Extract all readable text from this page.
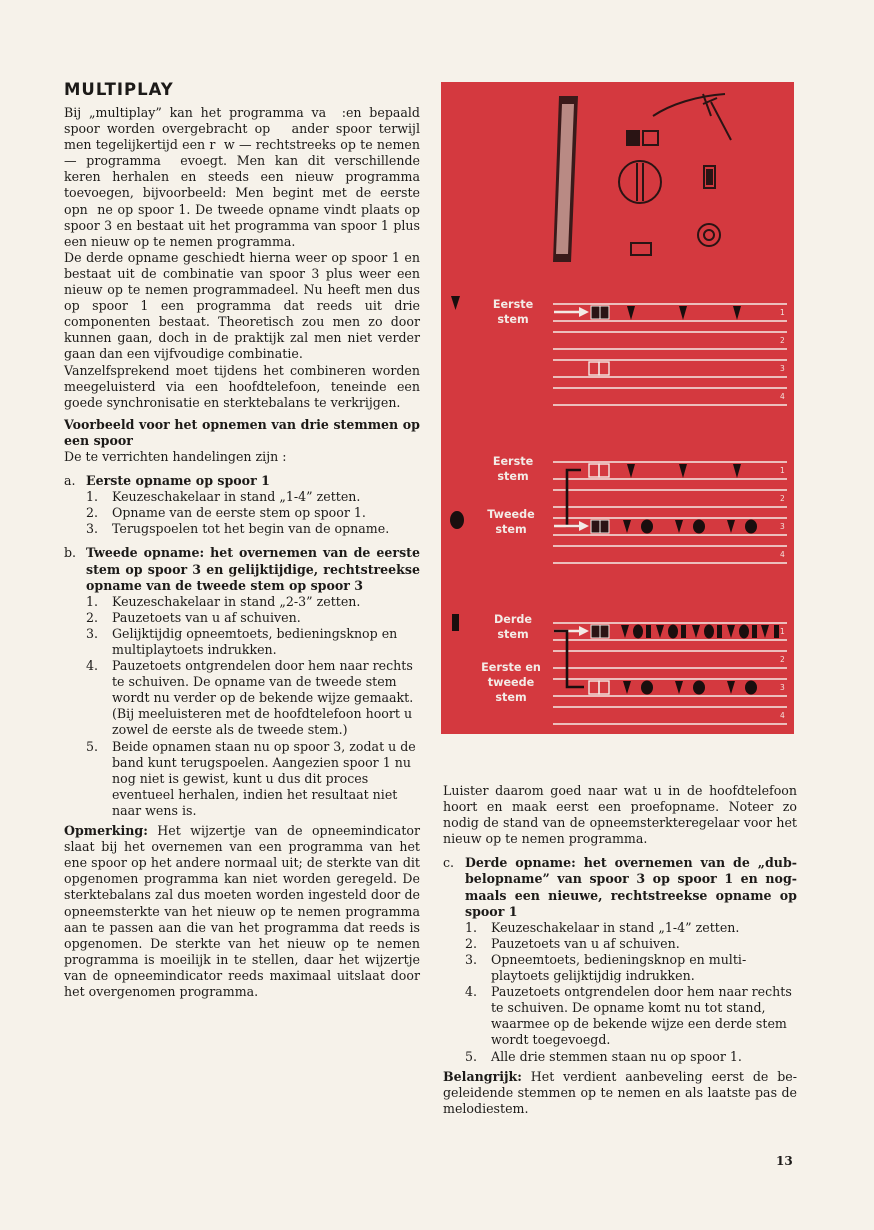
MULTIPLAY

Bij „multiplay” kan het programma va ​ ​:en bepaald spoor worden overgebracht op ​ ​ ander spoor terwijl men tegelijkertijd een r ​ ​w — rechtstreeks op te nemen — programma ​ ​evoegt. Men kan dit verschillende keren herhalen en steeds een nieuw programma toevoegen, bijvoorbeeld: Men begint met de eerste opn ​ ​ne op spoor 1. De tweede opname vindt plaats op spoor 3 en bestaat uit het programma van spoor 1 plus een nieuw op te nemen programma.

De derde opname geschiedt hierna weer op spoor 1 en bestaat uit de combinatie van spoor 3 plus weer een nieuw op te nemen programmadeel. Nu heeft men dus op spoor 1 een programma dat reeds uit drie componenten bestaat. Theoretisch zou men zo door kunnen gaan, doch in de praktijk zal men niet verder gaan dan een vijfvoudige combinatie.

Vanzelfsprekend moet tijdens het combineren worden meegeluisterd via een hoofdtelefoon, teneinde een goede synchronisatie en sterktebalans te verkrijgen.

Voorbeeld voor het opnemen van drie stemmen op een spoor

De te verrichten handelingen zijn :

a. Eerste opname op spoor 1
1.	Keuzeschakelaar in stand „1-4” zetten.
2.	Opname van de eerste stem op spoor 1.
3.	Terugspoelen tot het begin van de opname.
b. Tweede opname: het overnemen van de eerste stem op spoor 3 en gelijktijdige, rechtstreekse opname van de tweede stem op spoor 3
1.	Keuzeschakelaar in stand „2-3” zetten.
2.	Pauzetoets van u af schuiven.
3.	Gelijktijdig opneemtoets, bedieningsknop en multiplaytoets indrukken.
4.	Pauzetoets ontgrendelen door hem naar rechts te schuiven. De opname van de tweede stem wordt nu verder op de bekende wijze gemaakt. (Bij meeluisteren met de hoofdtelefoon hoort u zowel de eerste als de tweede stem.)
5.	Beide opnamen staan nu op spoor 3, zodat u de band kunt terugspoelen. Aangezien spoor 1 nu nog niet is gewist, kunt u dus dit proces eventueel herhalen, indien het resultaat niet naar wens is.

Opmerking: Het wijzertje van de opneemindicator slaat bij het overnemen van een programma van het ene spoor op het andere normaal uit; de sterkte van dit opgenomen programma kan niet worden geregeld. De sterktebalans zal dus moeten worden ingesteld door de opneemsterkte van het nieuw op te nemen programma aan te passen aan die van het programma dat reeds is opgenomen. De sterkte van het nieuw op te nemen programma is moeilijk in te stellen, daar het wijzertje van de opneemindicator reeds maximaal uitslaat door het overgenomen programma.

Eerste stem
Eerste stem
Tweede stem
Derde stem
Eerste en tweede stem
1
2
3
4
1
2
3
4
1
2
3
4

Luister daarom goed naar wat u in de hoofdtelefoon hoort en maak eerst een proefopname. Noteer zo nodig de stand van de opneemsterkteregelaar voor het nieuw op te nemen programma.

c. Derde opname: het overnemen van de „dubbelopname” van spoor 3 op spoor 1 en nogmaals een nieuwe, rechtstreekse opname op spoor 1
1.	Keuzeschakelaar in stand „1-4” zetten.
2.	Pauzetoets van u af schuiven.
3.	Opneemtoets, bedieningsknop en multiplaytoets gelijktijdig indrukken.
4.	Pauzetoets ontgrendelen door hem naar rechts te schuiven. De opname komt nu tot stand, waarmee op de bekende wijze een derde stem wordt toegevoegd.
5.	Alle drie stemmen staan nu op spoor 1.

Belangrijk: Het verdient aanbeveling eerst de begeleidende stemmen op te nemen en als laatste pas de melodiestem.

13
